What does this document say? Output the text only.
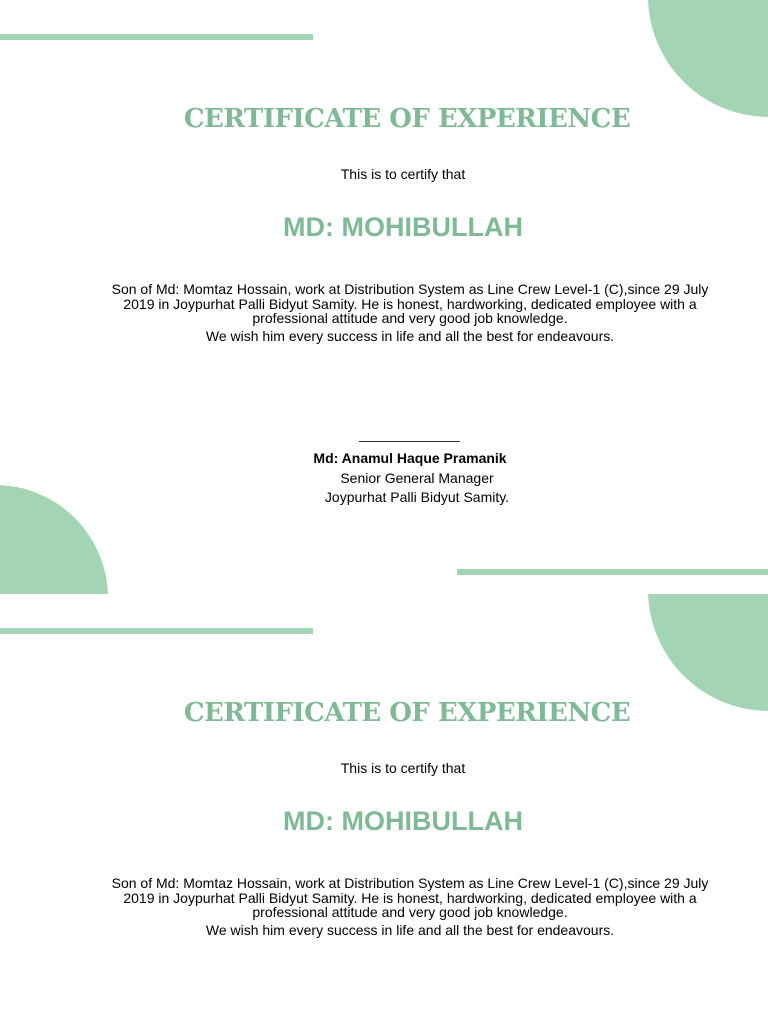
CERTIFICATE OF EXPERIENCE
This is to certify that
MD: MOHIBULLAH
Son of Md: Momtaz Hossain, work at Distribution System as Line Crew Level-1 (C),since 29 July 2019 in Joypurhat Palli Bidyut Samity. He is honest, hardworking, dedicated employee with a professional attitude and very good job knowledge.
We wish him every success in life and all the best for endeavours.
Md: Anamul Haque Pramanik
Senior General Manager
Joypurhat Palli Bidyut Samity.
CERTIFICATE OF EXPERIENCE
This is to certify that
MD: MOHIBULLAH
Son of Md: Momtaz Hossain, work at Distribution System as Line Crew Level-1 (C),since 29 July 2019 in Joypurhat Palli Bidyut Samity. He is honest, hardworking, dedicated employee with a professional attitude and very good job knowledge.
We wish him every success in life and all the best for endeavours.
